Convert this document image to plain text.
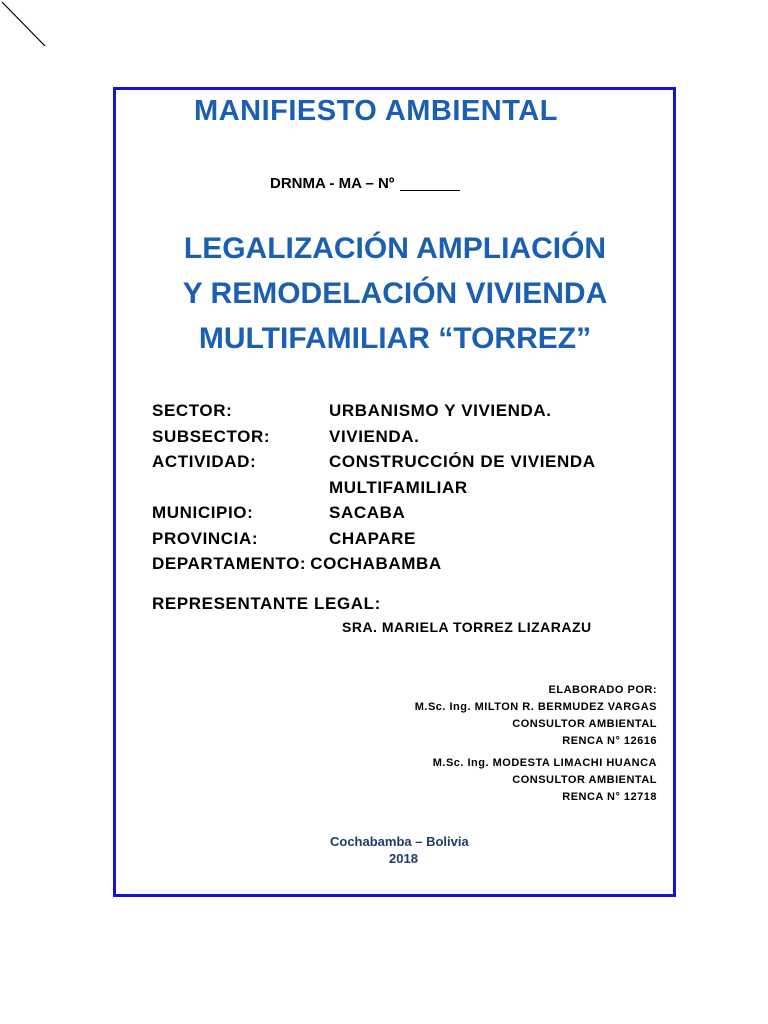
MANIFIESTO AMBIENTAL
DRNMA - MA – Nº
LEGALIZACIÓN AMPLIACIÓN
Y REMODELACIÓN VIVIENDA
MULTIFAMILIAR “TORREZ”
SECTOR:	URBANISMO Y VIVIENDA.
SUBSECTOR:	VIVIENDA.
ACTIVIDAD:	CONSTRUCCIÓN DE VIVIENDA
MULTIFAMILIAR
MUNICIPIO:	SACABA
PROVINCIA:	CHAPARE
DEPARTAMENTO: COCHABAMBA
REPRESENTANTE LEGAL:
SRA. MARIELA TORREZ LIZARAZU
ELABORADO POR:
M.Sc. Ing. MILTON R. BERMUDEZ VARGAS
CONSULTOR AMBIENTAL
RENCA N° 12616
M.Sc. Ing. MODESTA LIMACHI HUANCA
CONSULTOR AMBIENTAL
RENCA N° 12718
Cochabamba – Bolivia
2018
